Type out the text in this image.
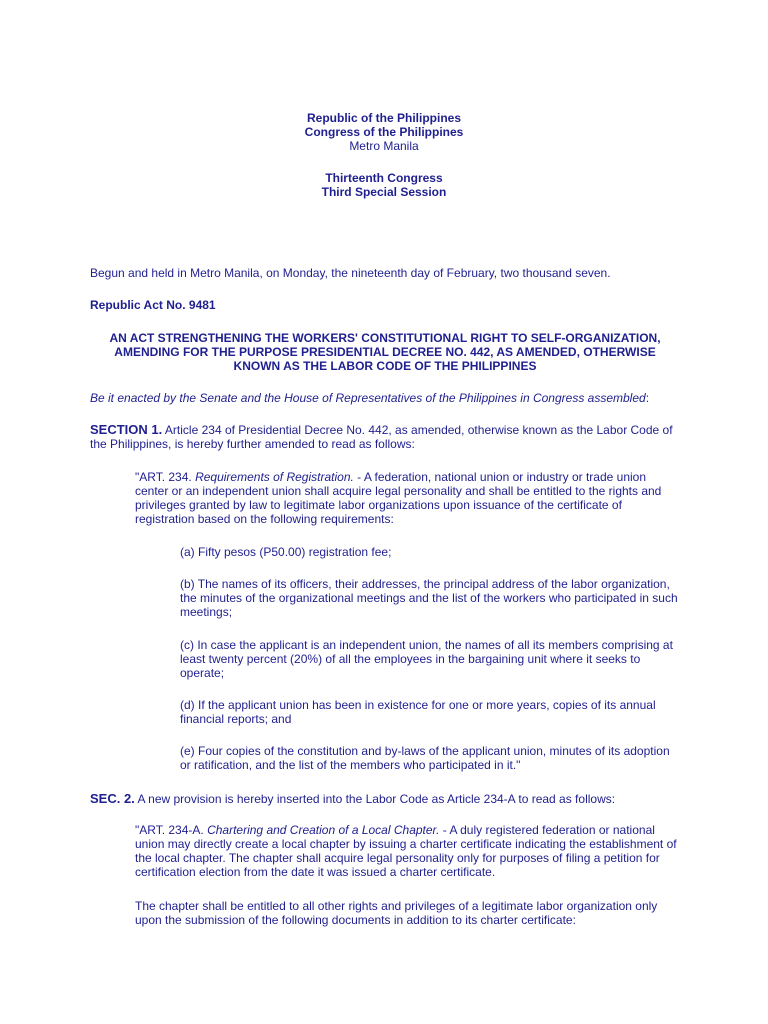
Republic of the Philippines
Congress of the Philippines
Metro Manila
Thirteenth Congress
Third Special Session

Begun and held in Metro Manila, on Monday, the nineteenth day of February, two thousand seven.

Republic Act No. 9481

AN ACT STRENGTHENING THE WORKERS' CONSTITUTIONAL RIGHT TO SELF-ORGANIZATION, AMENDING FOR THE PURPOSE PRESIDENTIAL DECREE NO. 442, AS AMENDED, OTHERWISE KNOWN AS THE LABOR CODE OF THE PHILIPPINES

Be it enacted by the Senate and the House of Representatives of the Philippines in Congress assembled:

SECTION 1. Article 234 of Presidential Decree No. 442, as amended, otherwise known as the Labor Code of the Philippines, is hereby further amended to read as follows:

"ART. 234. Requirements of Registration. - A federation, national union or industry or trade union center or an independent union shall acquire legal personality and shall be entitled to the rights and privileges granted by law to legitimate labor organizations upon issuance of the certificate of registration based on the following requirements:

(a) Fifty pesos (P50.00) registration fee;

(b) The names of its officers, their addresses, the principal address of the labor organization, the minutes of the organizational meetings and the list of the workers who participated in such meetings;

(c) In case the applicant is an independent union, the names of all its members comprising at least twenty percent (20%) of all the employees in the bargaining unit where it seeks to operate;

(d) If the applicant union has been in existence for one or more years, copies of its annual financial reports; and

(e) Four copies of the constitution and by-laws of the applicant union, minutes of its adoption or ratification, and the list of the members who participated in it."

SEC. 2. A new provision is hereby inserted into the Labor Code as Article 234-A to read as follows:

"ART. 234-A. Chartering and Creation of a Local Chapter. - A duly registered federation or national union may directly create a local chapter by issuing a charter certificate indicating the establishment of the local chapter. The chapter shall acquire legal personality only for purposes of filing a petition for certification election from the date it was issued a charter certificate.

The chapter shall be entitled to all other rights and privileges of a legitimate labor organization only upon the submission of the following documents in addition to its charter certificate:
